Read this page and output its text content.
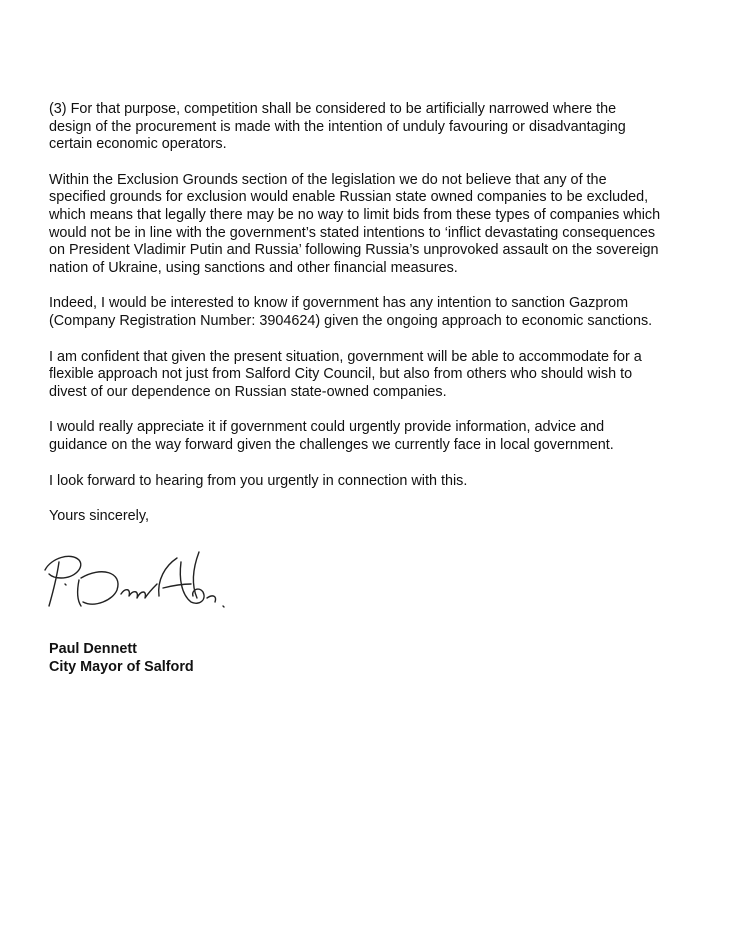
(3) For that purpose, competition shall be considered to be artificially narrowed where the
design of the procurement is made with the intention of unduly favouring or disadvantaging
certain economic operators.

Within the Exclusion Grounds section of the legislation we do not believe that any of the
specified grounds for exclusion would enable Russian state owned companies to be excluded,
which means that legally there may be no way to limit bids from these types of companies which
would not be in line with the government’s stated intentions to ‘inflict devastating consequences
on President Vladimir Putin and Russia’ following Russia’s unprovoked assault on the sovereign
nation of Ukraine, using sanctions and other financial measures.

Indeed, I would be interested to know if government has any intention to sanction Gazprom
(Company Registration Number: 3904624) given the ongoing approach to economic sanctions.

I am confident that given the present situation, government will be able to accommodate for a
flexible approach not just from Salford City Council, but also from others who should wish to
divest of our dependence on Russian state-owned companies.

I would really appreciate it if government could urgently provide information, advice and
guidance on the way forward given the challenges we currently face in local government.

I look forward to hearing from you urgently in connection with this.

Yours sincerely,

Paul Dennett
City Mayor of Salford
